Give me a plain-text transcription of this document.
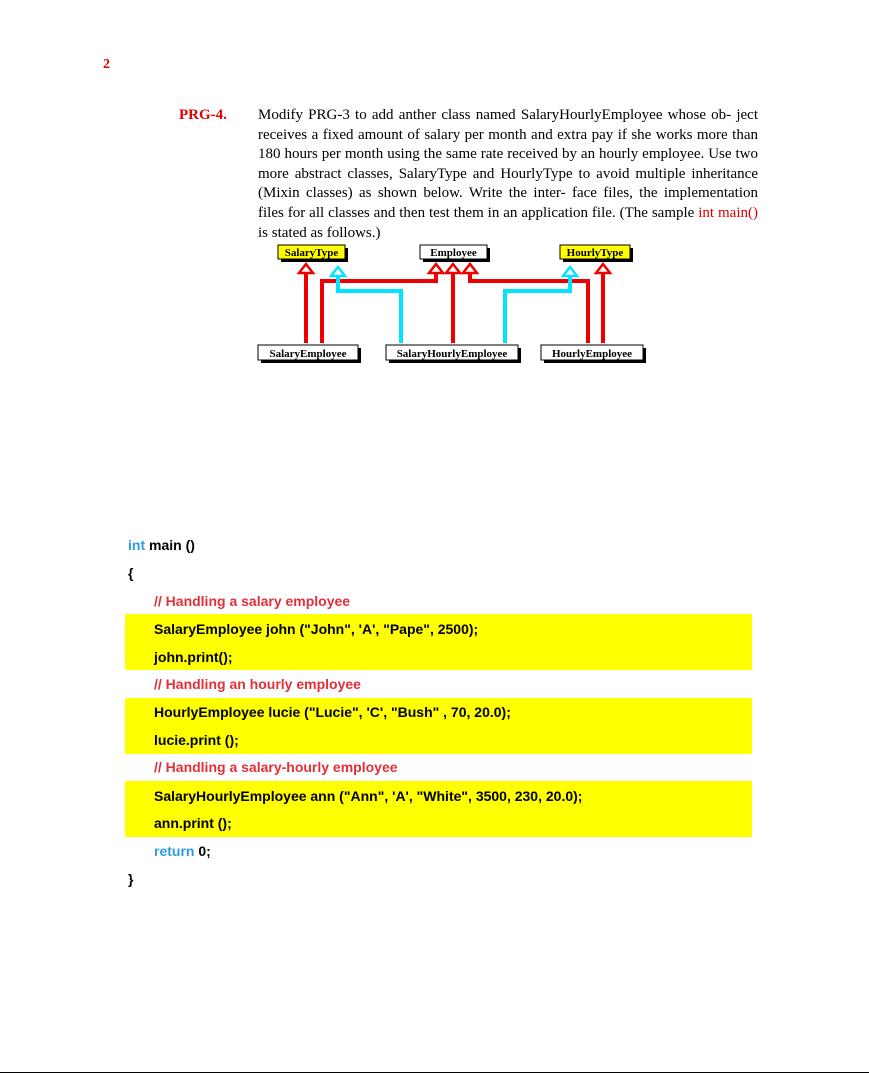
2
PRG-4. Modify PRG-3 to add anther class named SalaryHourlyEmployee whose ob- ject receives a fixed amount of salary per month and extra pay if she works more than 180 hours per month using the same rate received by an hourly employee. Use two more abstract classes, SalaryType and HourlyType to avoid multiple inheritance (Mixin classes) as shown below. Write the inter- face files, the implementation files for all classes and then test them in an application file. (The sample int main() is stated as follows.)
SalaryType	Employee	HourlyType
SalaryEmployee	SalaryHourlyEmployee	HourlyEmployee
int main ()
{
// Handling a salary employee
SalaryEmployee john ("John", 'A', "Pape", 2500);
john.print();
// Handling an hourly employee
HourlyEmployee lucie ("Lucie", 'C', "Bush" , 70, 20.0);
lucie.print ();
// Handling a salary-hourly employee
SalaryHourlyEmployee ann ("Ann", 'A', "White", 3500, 230, 20.0);
ann.print ();
return 0;
}
